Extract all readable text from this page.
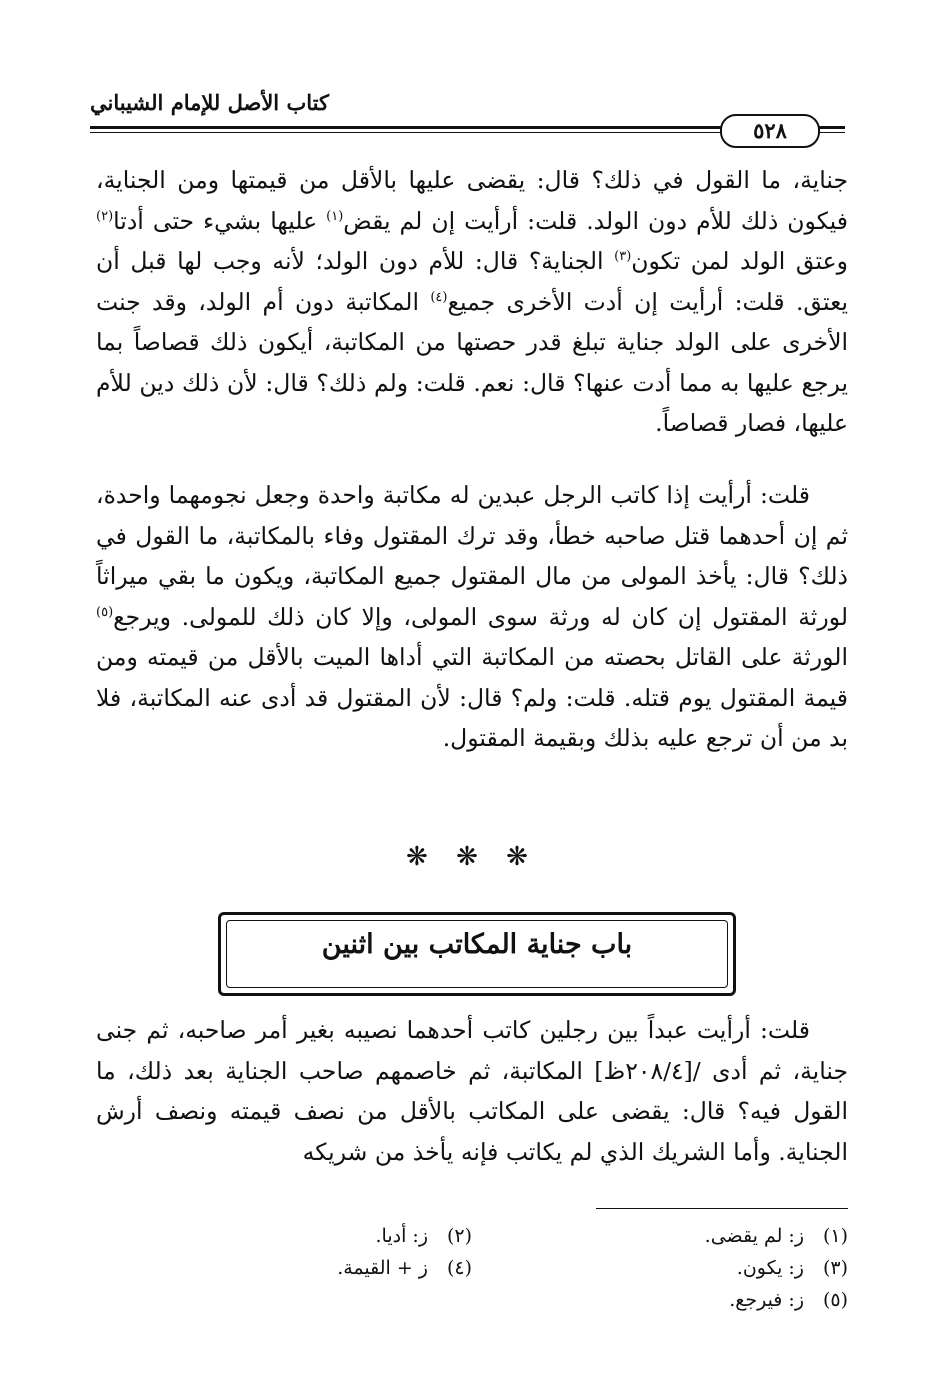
كتاب الأصل للإمام الشيباني
٥٢٨

جناية، ما القول في ذلك؟ قال: يقضى عليها بالأقل من قيمتها ومن الجناية، فيكون ذلك للأم دون الولد. قلت: أرأيت إن لم يقض$^{(١)}$ عليها بشيء حتى أدتا$^{(٢)}$ وعتق الولد لمن تكون$^{(٣)}$ الجناية؟ قال: للأم دون الولد؛ لأنه وجب لها قبل أن يعتق. قلت: أرأيت إن أدت الأخرى جميع$^{(٤)}$ المكاتبة دون أم الولد، وقد جنت الأخرى على الولد جناية تبلغ قدر حصتها من المكاتبة، أيكون ذلك قصاصاً بما يرجع عليها به مما أدت عنها؟ قال: نعم. قلت: ولم ذلك؟ قال: لأن ذلك دين للأم عليها، فصار قصاصاً.

قلت: أرأيت إذا كاتب الرجل عبدين له مكاتبة واحدة وجعل نجومهما واحدة، ثم إن أحدهما قتل صاحبه خطأ، وقد ترك المقتول وفاء بالمكاتبة، ما القول في ذلك؟ قال: يأخذ المولى من مال المقتول جميع المكاتبة، ويكون ما بقي ميراثاً لورثة المقتول إن كان له ورثة سوى المولى، وإلا كان ذلك للمولى. ويرجع$^{(٥)}$ الورثة على القاتل بحصته من المكاتبة التي أداها الميت بالأقل من قيمته ومن قيمة المقتول يوم قتله. قلت: ولم؟ قال: لأن المقتول قد أدى عنه المكاتبة، فلا بد من أن ترجع عليه بذلك وبقيمة المقتول.

❋ ❋ ❋
باب جناية المكاتب بين اثنين

قلت: أرأيت عبداً بين رجلين كاتب أحدهما نصيبه بغير أمر صاحبه، ثم جنى جناية، ثم أدى /[٢٠٨/٤ظ] المكاتبة، ثم خاصمهم صاحب الجناية بعد ذلك، ما القول فيه؟ قال: يقضى على المكاتب بالأقل من نصف قيمته ونصف أرش الجناية. وأما الشريك الذي لم يكاتب فإنه يأخذ من شريكه

(١)ز: لم يقضى.
(٢)ز: أديا.
(٣)ز: يكون.
(٤)ز + القيمة.
(٥)ز: فيرجع.
